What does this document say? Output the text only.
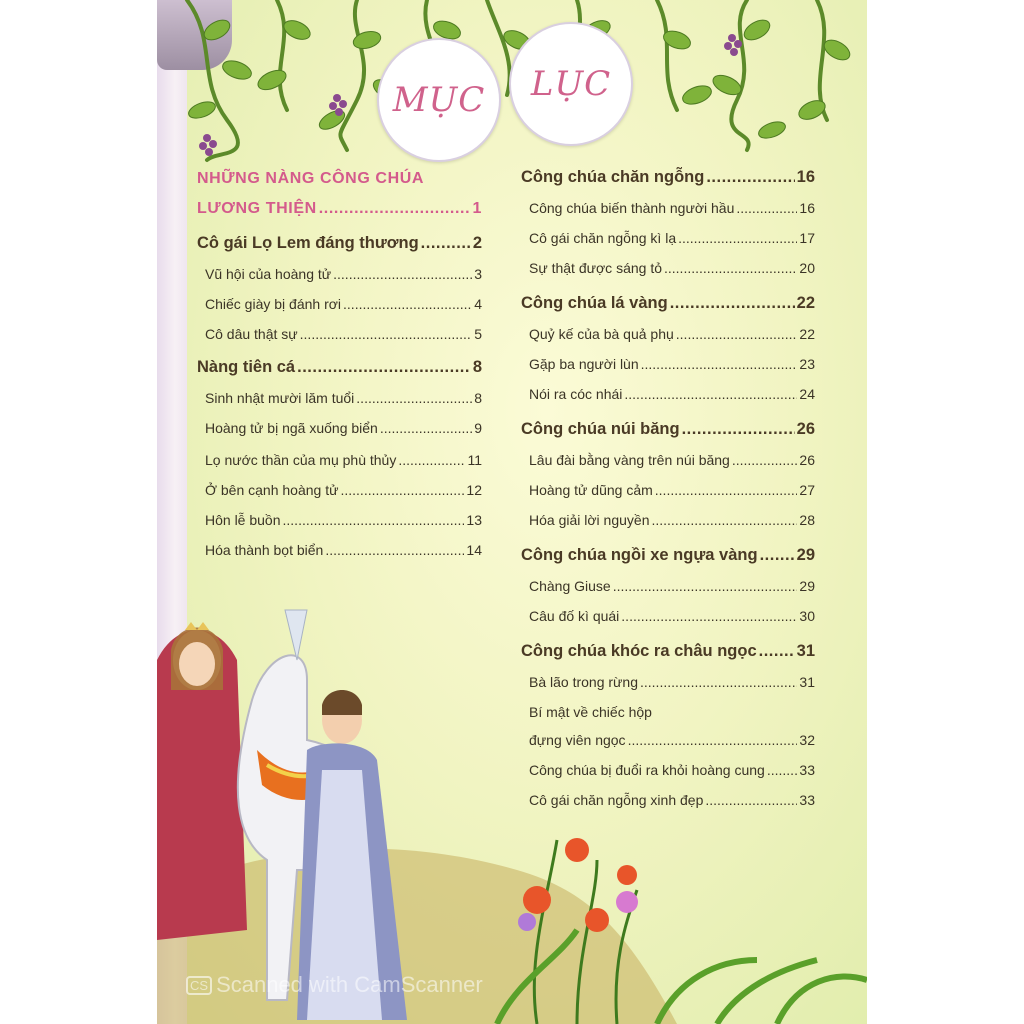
MỤC LỤC
NHỮNG NÀNG CÔNG CHÚA
LƯƠNG THIỆN .....	1
Cô gái Lọ Lem đáng thương .....	2
Vũ hội của hoàng tử .....	3
Chiếc giày bị đánh rơi .....	4
Cô dâu thật sự .....	5
Nàng tiên cá .....	8
Sinh nhật mười lăm tuổi .....	8
Hoàng tử bị ngã xuống biển .....	9
Lọ nước thần của mụ phù thủy .....	11
Ở bên cạnh hoàng tử .....	12
Hôn lễ buồn .....	13
Hóa thành bọt biển .....	14
Công chúa chăn ngỗng .....	16
Công chúa biến thành người hầu .....	16
Cô gái chăn ngỗng kì lạ .....	17
Sự thật được sáng tỏ .....	20
Công chúa lá vàng .....	22
Quỷ kế của bà quả phụ .....	22
Gặp ba người lùn .....	23
Nói ra cóc nhái .....	24
Công chúa núi băng .....	26
Lâu đài bằng vàng trên núi băng .....	26
Hoàng tử dũng cảm .....	27
Hóa giải lời nguyền .....	28
Công chúa ngồi xe ngựa vàng ..... 29
Chàng Giuse .....	29
Câu đố kì quái .....	30
Công chúa khóc ra châu ngọc ..... 31
Bà lão trong rừng .....	31
Bí mật về chiếc hộp
đựng viên ngọc .....	32
Công chúa bị đuổi ra khỏi hoàng cung ..... 33
Cô gái chăn ngỗng xinh đẹp .....	33
CS Scanned with CamScanner
